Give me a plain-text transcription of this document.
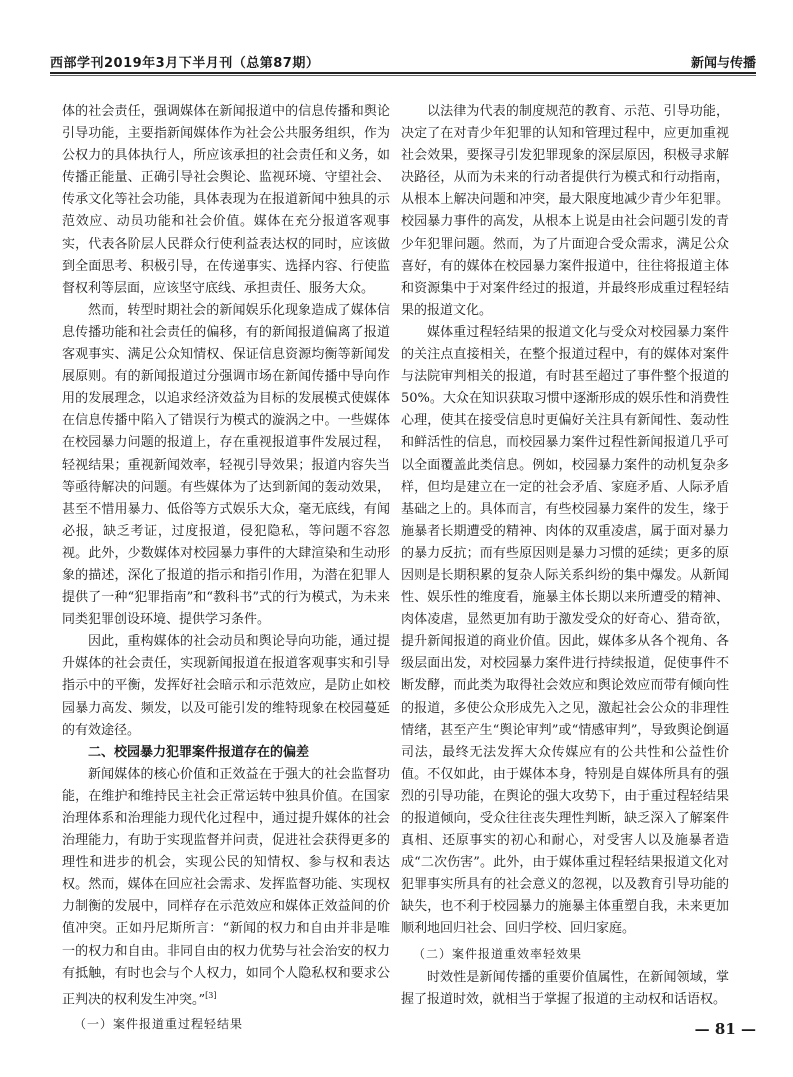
西部学刊2019年3月下半月刊（总第87期）	新闻与传播

体的社会责任，强调媒体在新闻报道中的信息传播和舆论引导功能，主要指新闻媒体作为社会公共服务组织，作为公权力的具体执行人，所应该承担的社会责任和义务，如传播正能量、正确引导社会舆论、监视环境、守望社会、传承文化等社会功能，具体表现为在报道新闻中独具的示范效应、动员功能和社会价值。媒体在充分报道客观事实，代表各阶层人民群众行使利益表达权的同时，应该做到全面思考、积极引导，在传递事实、选择内容、行使监督权利等层面，应该坚守底线、承担责任、服务大众。

然而，转型时期社会的新闻娱乐化现象造成了媒体信息传播功能和社会责任的偏移，有的新闻报道偏离了报道客观事实、满足公众知情权、保证信息资源均衡等新闻发展原则。有的新闻报道过分强调市场在新闻传播中导向作用的发展理念，以追求经济效益为目标的发展模式使媒体在信息传播中陷入了错误行为模式的漩涡之中。一些媒体在校园暴力问题的报道上，存在重视报道事件发展过程，轻视结果；重视新闻效率，轻视引导效果；报道内容失当等亟待解决的问题。有些媒体为了达到新闻的轰动效果，甚至不惜用暴力、低俗等方式娱乐大众，毫无底线，有闻必报，缺乏考证，过度报道，侵犯隐私，等问题不容忽视。此外，少数媒体对校园暴力事件的大肆渲染和生动形象的描述，深化了报道的指示和指引作用，为潜在犯罪人提供了一种“犯罪指南”和“教科书”式的行为模式，为未来同类犯罪创设环境、提供学习条件。

因此，重构媒体的社会动员和舆论导向功能，通过提升媒体的社会责任，实现新闻报道在报道客观事实和引导指示中的平衡，发挥好社会暗示和示范效应，是防止如校园暴力高发、频发，以及可能引发的维特现象在校园蔓延的有效途径。

二、校园暴力犯罪案件报道存在的偏差

新闻媒体的核心价值和正效益在于强大的社会监督功能，在维护和维持民主社会正常运转中独具价值。在国家治理体系和治理能力现代化过程中，通过提升媒体的社会治理能力，有助于实现监督并问责，促进社会获得更多的理性和进步的机会，实现公民的知情权、参与权和表达权。然而，媒体在回应社会需求、发挥监督功能、实现权力制衡的发展中，同样存在示范效应和媒体正效益间的价值冲突。正如丹尼斯所言：“新闻的权力和自由并非是唯一的权力和自由。非同自由的权力优势与社会治安的权力有抵触，有时也会与个人权力，如同个人隐私权和要求公正判决的权利发生冲突。”[3]

（一）案件报道重过程轻结果

以法律为代表的制度规范的教育、示范、引导功能，决定了在对青少年犯罪的认知和管理过程中，应更加重视社会效果，要探寻引发犯罪现象的深层原因，积极寻求解决路径，从而为未来的行动者提供行为模式和行动指南，从根本上解决问题和冲突，最大限度地减少青少年犯罪。校园暴力事件的高发，从根本上说是由社会问题引发的青少年犯罪问题。然而，为了片面迎合受众需求，满足公众喜好，有的媒体在校园暴力案件报道中，往往将报道主体和资源集中于对案件经过的报道，并最终形成重过程轻结果的报道文化。

媒体重过程轻结果的报道文化与受众对校园暴力案件的关注点直接相关，在整个报道过程中，有的媒体对案件与法院审判相关的报道，有时甚至超过了事件整个报道的50%。大众在知识获取习惯中逐渐形成的娱乐性和消费性心理，使其在接受信息时更偏好关注具有新闻性、轰动性和鲜活性的信息，而校园暴力案件过程性新闻报道几乎可以全面覆盖此类信息。例如，校园暴力案件的动机复杂多样，但均是建立在一定的社会矛盾、家庭矛盾、人际矛盾基础之上的。具体而言，有些校园暴力案件的发生，缘于施暴者长期遭受的精神、肉体的双重凌虐，属于面对暴力的暴力反抗；而有些原因则是暴力习惯的延续；更多的原因则是长期积累的复杂人际关系纠纷的集中爆发。从新闻性、娱乐性的维度看，施暴主体长期以来所遭受的精神、肉体凌虐，显然更加有助于激发受众的好奇心、猎奇欲，提升新闻报道的商业价值。因此，媒体多从各个视角、各级层面出发，对校园暴力案件进行持续报道，促使事件不断发酵，而此类为取得社会效应和舆论效应而带有倾向性的报道，多使公众形成先入之见，激起社会公众的非理性情绪，甚至产生“舆论审判”或“情感审判”，导致舆论倒逼司法，最终无法发挥大众传媒应有的公共性和公益性价值。不仅如此，由于媒体本身，特别是自媒体所具有的强烈的引导功能，在舆论的强大攻势下，由于重过程轻结果的报道倾向，受众往往丧失理性判断，缺乏深入了解案件真相、还原事实的初心和耐心，对受害人以及施暴者造成“二次伤害”。此外，由于媒体重过程轻结果报道文化对犯罪事实所具有的社会意义的忽视，以及教育引导功能的缺失，也不利于校园暴力的施暴主体重塑自我，未来更加顺利地回归社会、回归学校、回归家庭。

（二）案件报道重效率轻效果

时效性是新闻传播的重要价值属性，在新闻领域，掌握了报道时效，就相当于掌握了报道的主动权和话语权。

— 81 —
